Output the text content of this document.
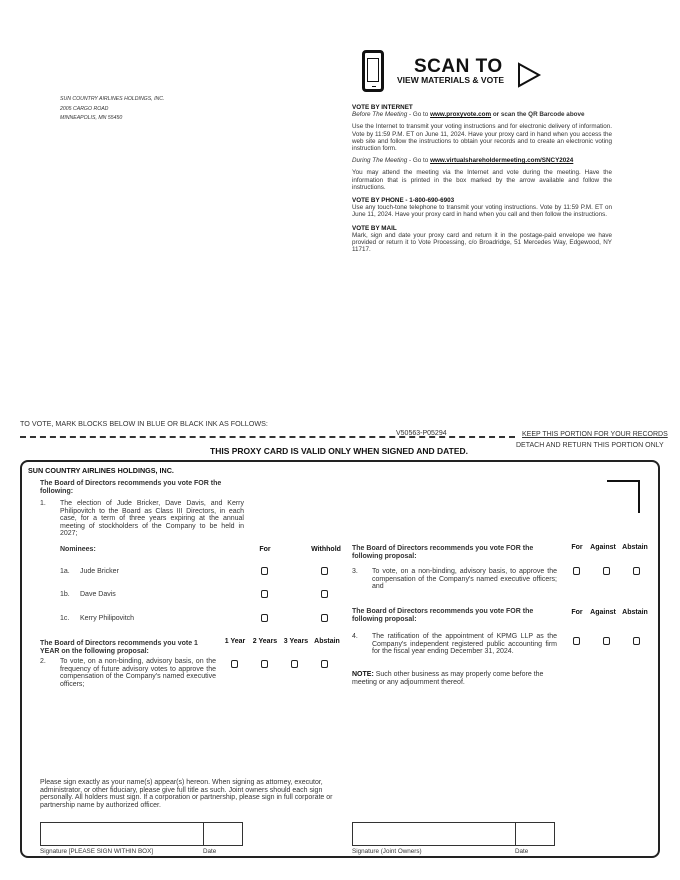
SUN COUNTRY AIRLINES HOLDINGS, INC.
2005 CARGO ROAD
MINNEAPOLIS, MN 55450
SCAN TO
VIEW MATERIALS & VOTE
VOTE BY INTERNET

Before The Meeting - Go to www.proxyvote.com or scan the QR Barcode above

Use the Internet to transmit your voting instructions and for electronic delivery of information. Vote by 11:59 P.M. ET on June 11, 2024. Have your proxy card in hand when you access the web site and follow the instructions to obtain your records and to create an electronic voting instruction form.

During The Meeting - Go to www.virtualshareholdermeeting.com/SNCY2024

You may attend the meeting via the Internet and vote during the meeting. Have the information that is printed in the box marked by the arrow available and follow the instructions.

VOTE BY PHONE - 1-800-690-6903

Use any touch-tone telephone to transmit your voting instructions. Vote by 11:59 P.M. ET on June 11, 2024. Have your proxy card in hand when you call and then follow the instructions.

VOTE BY MAIL

Mark, sign and date your proxy card and return it in the postage-paid envelope we have provided or return it to Vote Processing, c/o Broadridge, 51 Mercedes Way, Edgewood, NY 11717.

TO VOTE, MARK BLOCKS BELOW IN BLUE OR BLACK INK AS FOLLOWS:
V50563-P05294	KEEP THIS PORTION FOR YOUR RECORDS
DETACH AND RETURN THIS PORTION ONLY
THIS PROXY CARD IS VALID ONLY WHEN SIGNED AND DATED.
SUN COUNTRY AIRLINES HOLDINGS, INC.
The Board of Directors recommends you vote FOR the following:
1. The election of Jude Bricker, Dave Davis, and Kerry Philipovitch to the Board as Class III Directors, in each case, for a term of three years expiring at the annual meeting of stockholders of the Company to be held in 2027;
Nominees:	For	Withhold
1a. Jude Bricker
1b. Dave Davis
1c. Kerry Philipovitch
The Board of Directors recommends you vote 1 YEAR on the following proposal:
1 Year	2 Years 3 Years Abstain
2. To vote, on a non-binding, advisory basis, on the frequency of future advisory votes to approve the compensation of the Company's named executive officers;
The Board of Directors recommends you vote FOR the following proposal:
For	Against Abstain
3. To vote, on a non-binding, advisory basis, to approve the compensation of the Company's named executive officers; and
The Board of Directors recommends you vote FOR the following proposal:
For	Against Abstain
4. The ratification of the appointment of KPMG LLP as the Company's independent registered public accounting firm for the fiscal year ending December 31, 2024.
NOTE: Such other business as may properly come before the meeting or any adjournment thereof.
Please sign exactly as your name(s) appear(s) hereon. When signing as attorney, executor, administrator, or other fiduciary, please give full title as such. Joint owners should each sign personally. All holders must sign. If a corporation or partnership, please sign in full corporate or partnership name by authorized officer.
Signature [PLEASE SIGN WITHIN BOX]	Date	Signature (Joint Owners)	Date
